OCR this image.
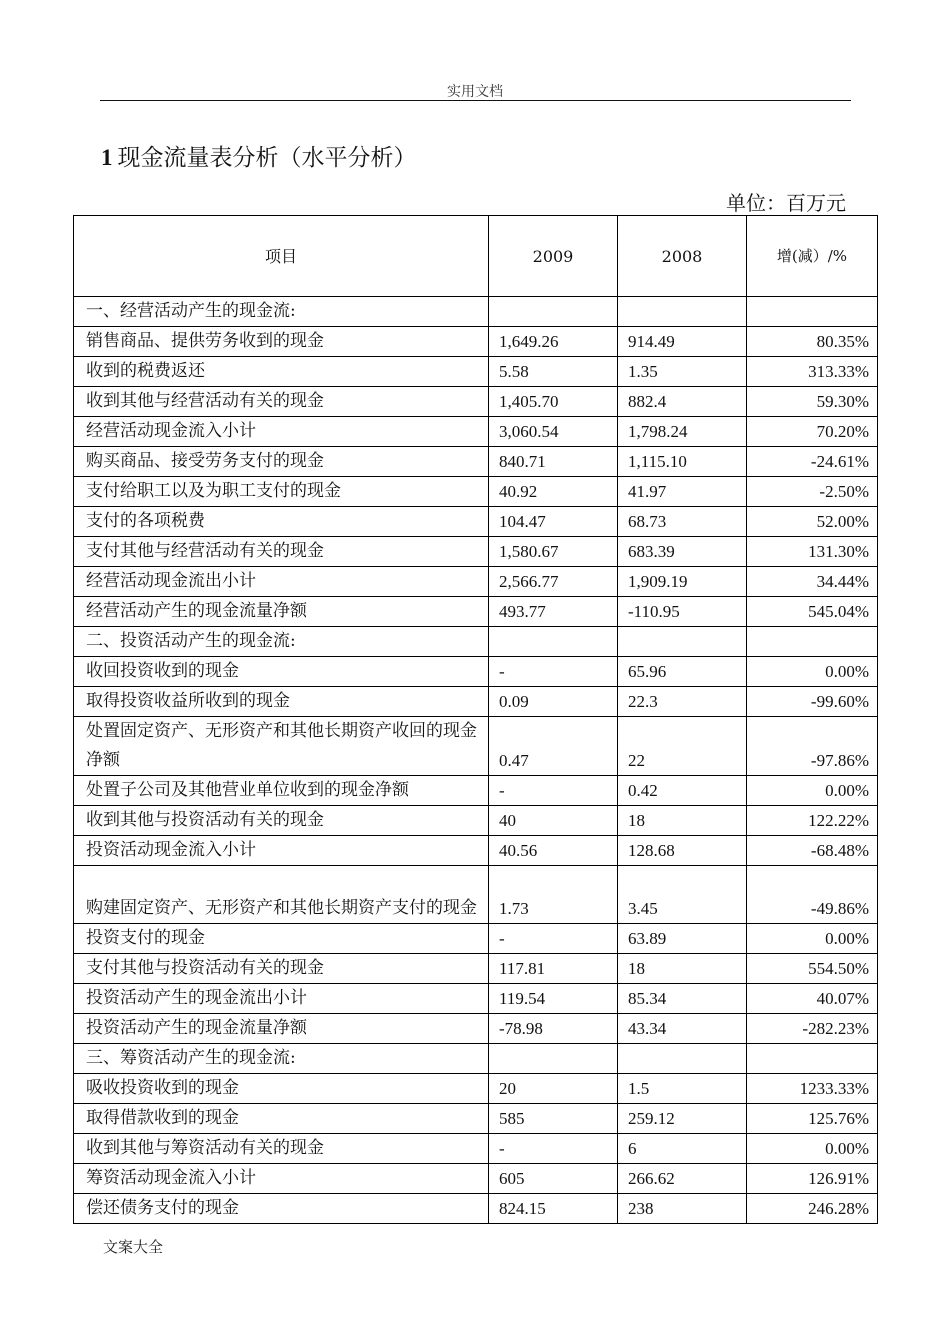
实用文档
1 现金流量表分析（水平分析）
单位：百万元
项目	2009	2008	增(减）/%
一、经营活动产生的现金流:			
销售商品、提供劳务收到的现金	1,649.26	914.49	80.35%
收到的税费返还	5.58	1.35	313.33%
收到其他与经营活动有关的现金	1,405.70	882.4	59.30%
经营活动现金流入小计	3,060.54	1,798.24	70.20%
购买商品、接受劳务支付的现金	840.71	1,115.10	-24.61%
支付给职工以及为职工支付的现金	40.92	41.97	-2.50%
支付的各项税费	104.47	68.73	52.00%
支付其他与经营活动有关的现金	1,580.67	683.39	131.30%
经营活动现金流出小计	2,566.77	1,909.19	34.44%
经营活动产生的现金流量净额	493.77	-110.95	545.04%
二、投资活动产生的现金流:			
收回投资收到的现金	-	65.96	0.00%
取得投资收益所收到的现金	0.09	22.3	-99.60%
处置固定资产、无形资产和其他长期资产收回的现金净额	0.47	22	-97.86%
处置子公司及其他营业单位收到的现金净额	-	0.42	0.00%
收到其他与投资活动有关的现金	40	18	122.22%
投资活动现金流入小计	40.56	128.68	-68.48%
购建固定资产、无形资产和其他长期资产支付的现金	1.73	3.45	-49.86%
投资支付的现金	-	63.89	0.00%
支付其他与投资活动有关的现金	117.81	18	554.50%
投资活动产生的现金流出小计	119.54	85.34	40.07%
投资活动产生的现金流量净额	-78.98	43.34	-282.23%
三、筹资活动产生的现金流:			
吸收投资收到的现金	20	1.5	1233.33%
取得借款收到的现金	585	259.12	125.76%
收到其他与筹资活动有关的现金	-	6	0.00%
筹资活动现金流入小计	605	266.62	126.91%
偿还债务支付的现金	824.15	238	246.28%
文案大全
